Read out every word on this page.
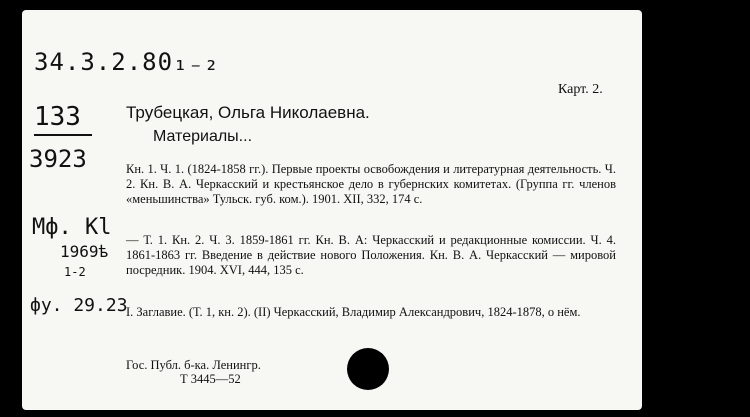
34.3.2.80₁₋₂
133
3923
Мф. Кl
1969ѣ
1-2
фу. 29.23
Карт. 2.
Трубецкая, Ольга Николаевна.
Материалы...
Кн. 1. Ч. 1. (1824-1858 гг.). Первые проекты освобождения и литературная деятельность. Ч. 2. Кн. В. А. Черкасский и крестьянское дело в губернских комитетах. (Группа гг. членов «меньшинства» Тульск. губ. ком.). 1901. XII, 332, 174 с.
— Т. 1. Кн. 2. Ч. 3. 1859-1861 гг. Кн. В. А: Черкасский и редакционные комиссии. Ч. 4. 1861-1863 гг. Введение в действие нового Положения. Кн. В. А. Черкасский — мировой посредник. 1904. XVI, 444, 135 с.
I. Заглавие. (Т. 1, кн. 2). (II) Черкасский, Владимир Александрович, 1824-1878, о нём.
Гос. Публ. б-ка. Ленингр.
Т 3445—52
